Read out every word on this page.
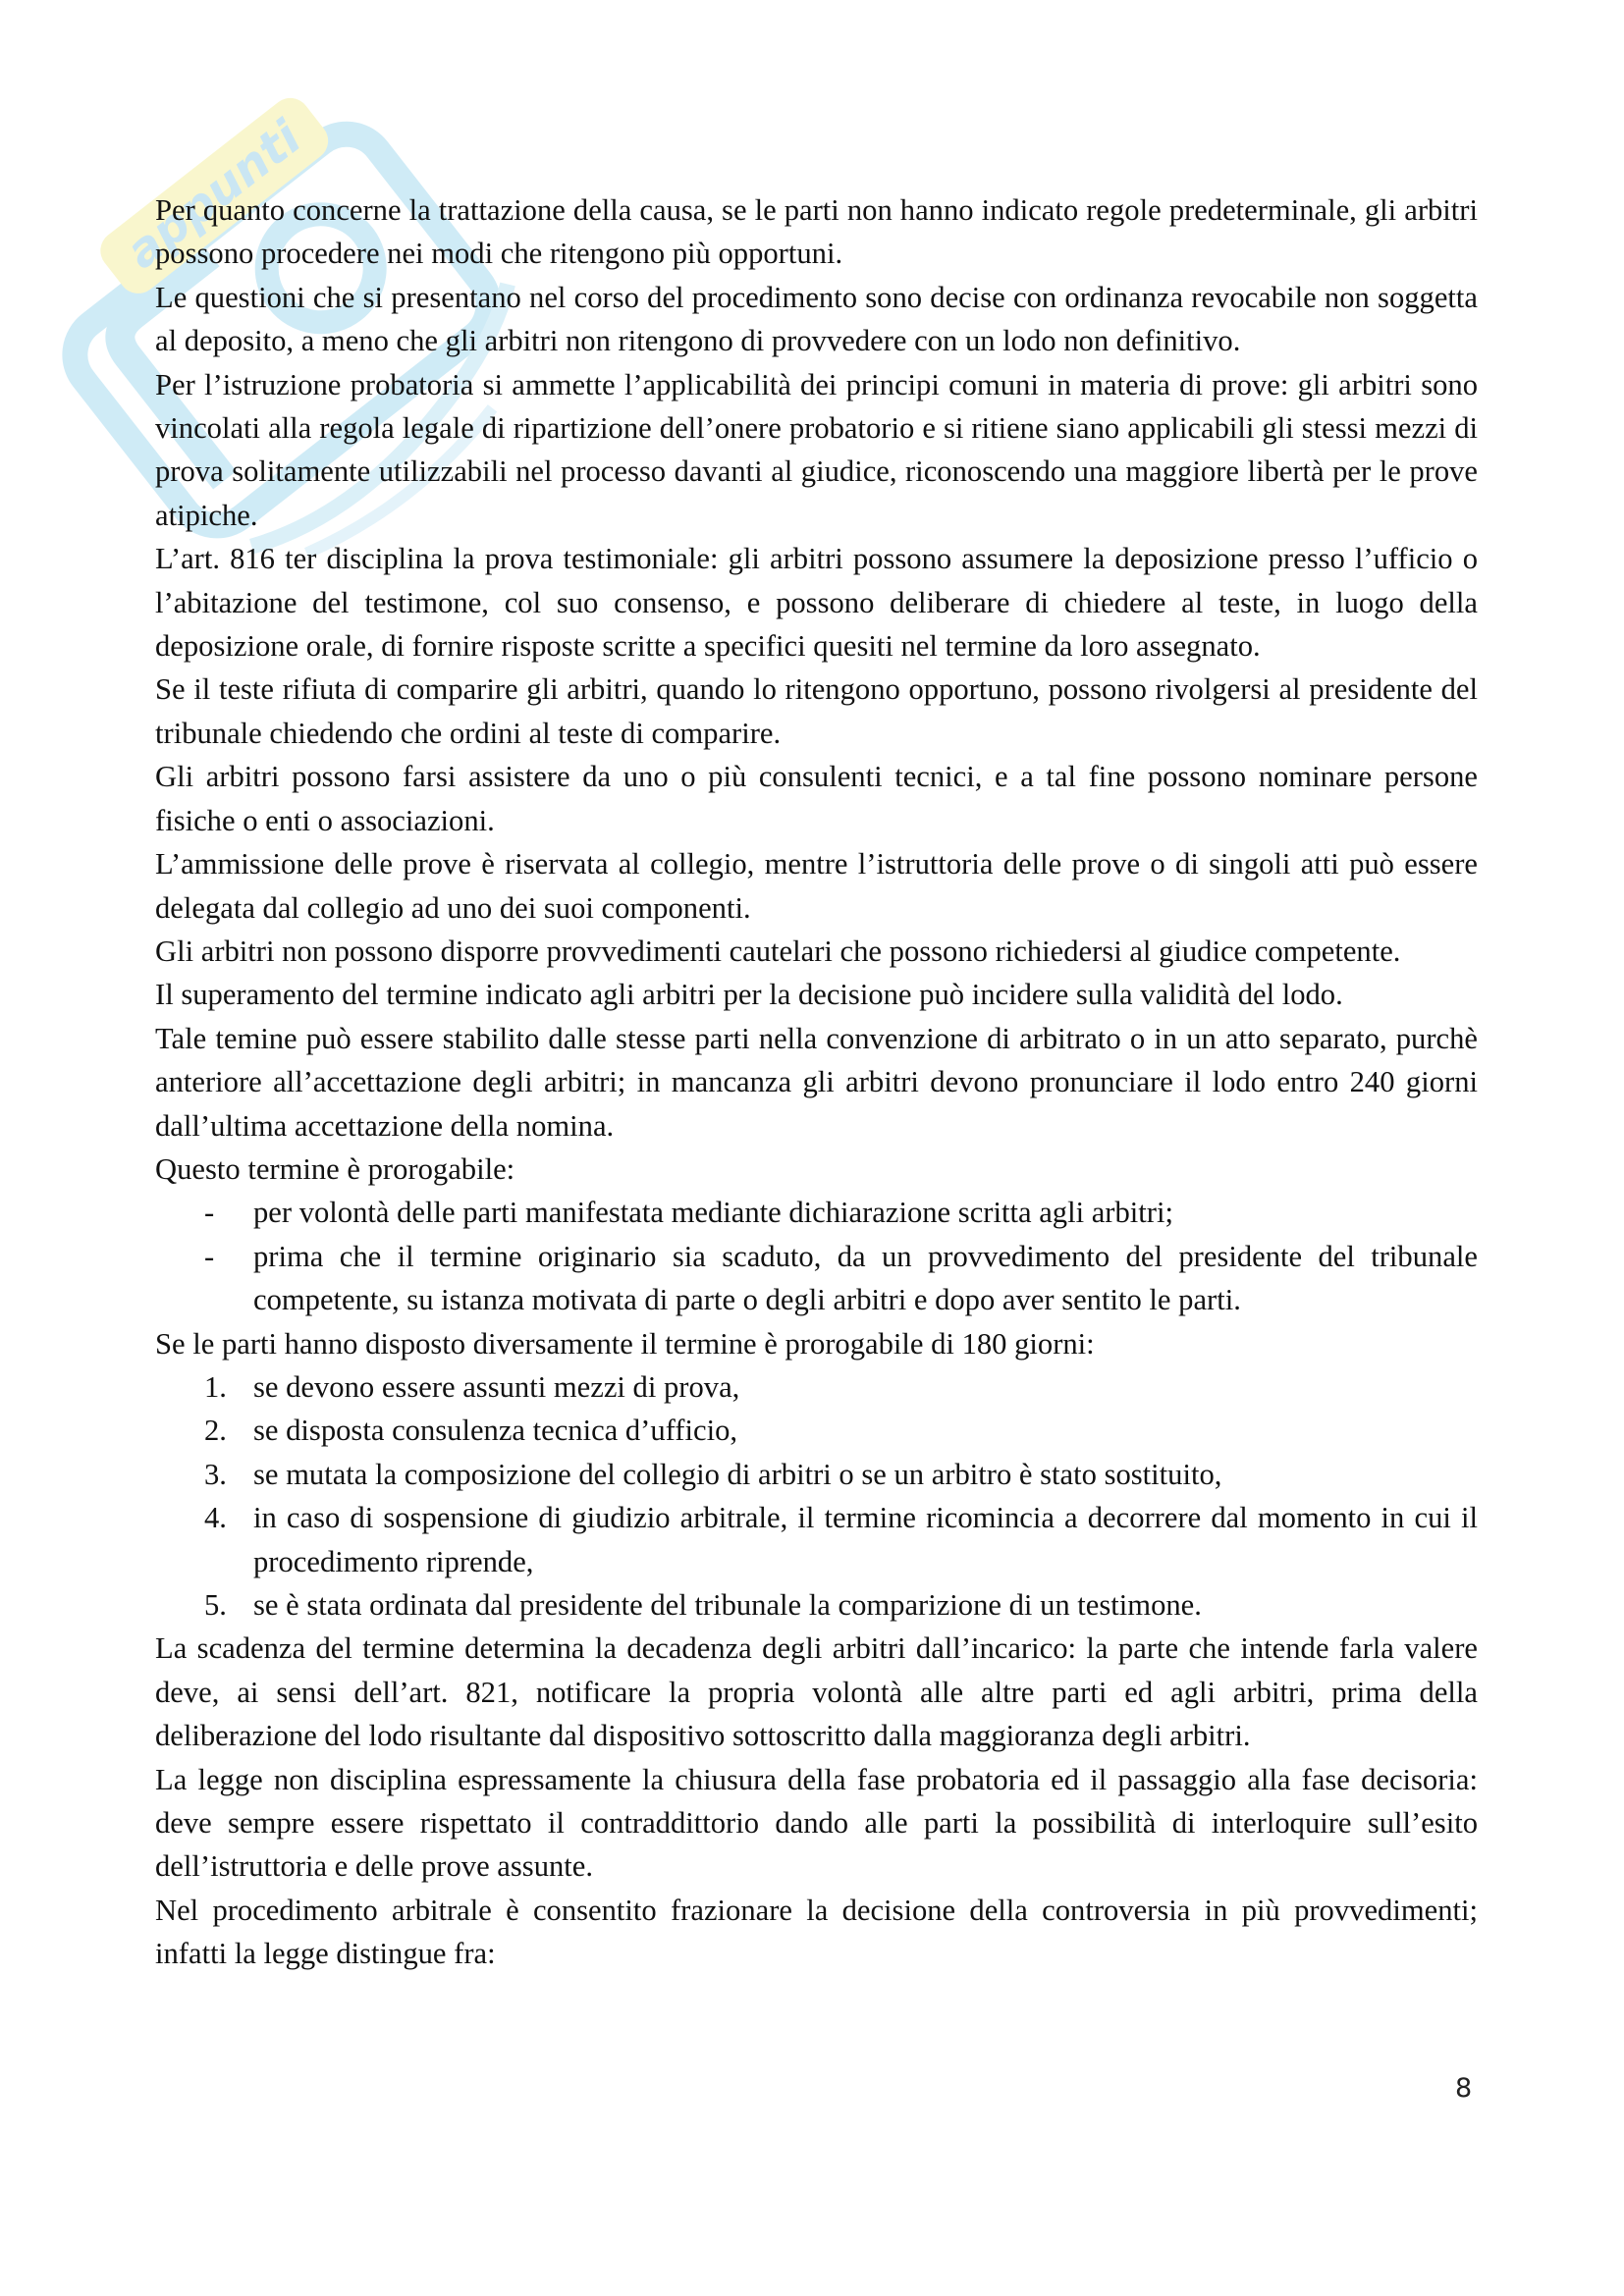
appunti

Per quanto concerne la trattazione della causa, se le parti non hanno indicato regole predeterminale, gli arbitri possono procedere nei modi che ritengono più opportuni.

Le questioni che si presentano nel corso del procedimento sono decise con ordinanza revocabile non soggetta al deposito, a meno che gli arbitri non ritengono di provvedere con un lodo non definitivo.

Per l’istruzione probatoria si ammette l’applicabilità dei principi comuni in materia di prove: gli arbitri sono vincolati alla regola legale di ripartizione dell’onere probatorio e si ritiene siano applicabili gli stessi mezzi di prova solitamente utilizzabili nel processo davanti al giudice, riconoscendo una maggiore libertà per le prove atipiche.

L’art. 816 ter disciplina la prova testimoniale: gli arbitri possono assumere la deposizione presso l’ufficio o l’abitazione del testimone, col suo consenso, e possono deliberare di chiedere al teste, in luogo della deposizione orale, di fornire risposte scritte a specifici quesiti nel termine da loro assegnato.

Se il teste rifiuta di comparire gli arbitri, quando lo ritengono opportuno, possono rivolgersi al presidente del tribunale chiedendo che ordini al teste di comparire.

Gli arbitri possono farsi assistere da uno o più consulenti tecnici, e a tal fine possono nominare persone fisiche o enti o associazioni.

L’ammissione delle prove è riservata al collegio, mentre l’istruttoria delle prove o di singoli atti può essere delegata dal collegio ad uno dei suoi componenti.

Gli arbitri non possono disporre provvedimenti cautelari che possono richiedersi al giudice competente.

Il superamento del termine indicato agli arbitri per la decisione può incidere sulla validità del lodo.

Tale temine può essere stabilito dalle stesse parti nella convenzione di arbitrato o in un atto separato, purchè anteriore all’accettazione degli arbitri; in mancanza gli arbitri devono pronunciare il lodo entro 240 giorni dall’ultima accettazione della nomina.

Questo termine è prorogabile:

- per volontà delle parti manifestata mediante dichiarazione scritta agli arbitri;
- prima che il termine originario sia scaduto, da un provvedimento del presidente del tribunale competente, su istanza motivata di parte o degli arbitri e dopo aver sentito le parti.

Se le parti hanno disposto diversamente il termine è prorogabile di 180 giorni:

1. se devono essere assunti mezzi di prova,
2. se disposta consulenza tecnica d’ufficio,
3. se mutata la composizione del collegio di arbitri o se un arbitro è stato sostituito,
4. in caso di sospensione di giudizio arbitrale, il termine ricomincia a decorrere dal momento in cui il procedimento riprende,
5. se è stata ordinata dal presidente del tribunale la comparizione di un testimone.

La scadenza del termine determina la decadenza degli arbitri dall’incarico: la parte che intende farla valere deve, ai sensi dell’art. 821, notificare la propria volontà alle altre parti ed agli arbitri, prima della deliberazione del lodo risultante dal dispositivo sottoscritto dalla maggioranza degli arbitri.

La legge non disciplina espressamente la chiusura della fase probatoria ed il passaggio alla fase decisoria: deve sempre essere rispettato il contraddittorio dando alle parti la possibilità di interloquire sull’esito dell’istruttoria e delle prove assunte.

Nel procedimento arbitrale è consentito frazionare la decisione della controversia in più provvedimenti; infatti la legge distingue fra:

8
